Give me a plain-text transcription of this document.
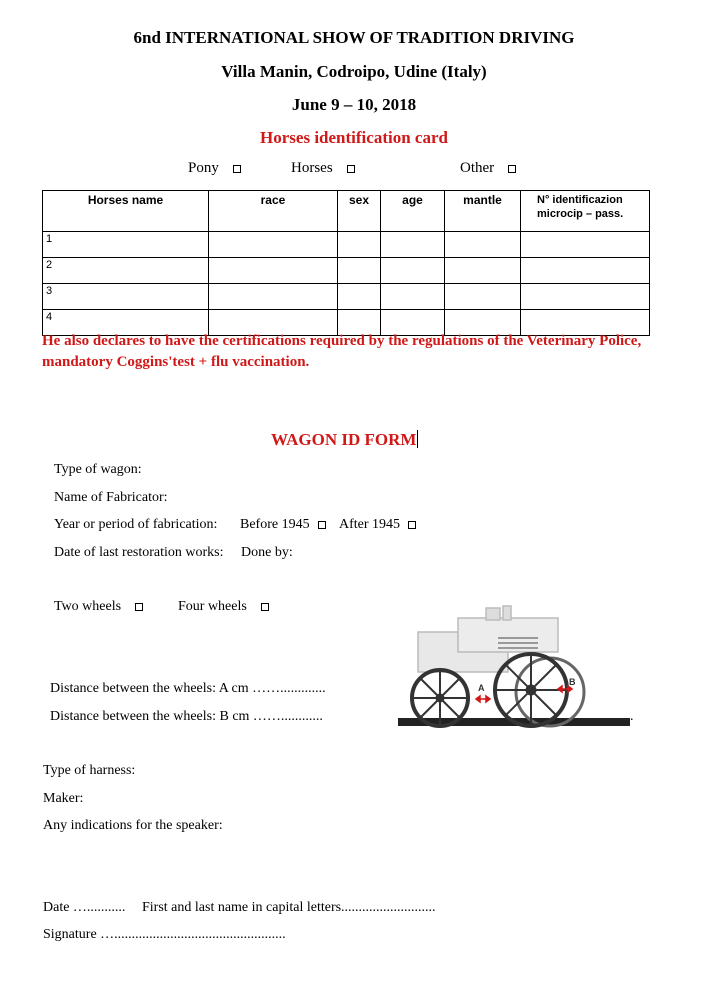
6nd INTERNATIONAL SHOW OF TRADITION DRIVING
Villa Manin, Codroipo, Udine (Italy)
June 9 – 10, 2018
Horses identification card
Pony	Horses	Other
Horses name	race	sex	age	mantle	N° identificazion
microcip – pass.
1					
2					
3					
4					
He also declares to have the certifications required by the regulations of the Veterinary Police, mandatory Coggins'test + flu vaccination.
WAGON ID FORM
Type of wagon:
Name of Fabricator:
Year or period of fabrication: Before 1945	After 1945
Date of last restoration works: Done by:
Two wheels	Four wheels
Distance between the wheels: A cm …….............
Distance between the wheels: B cm ……............
A
B
.
Type of harness:
Maker:
Any indications for the speaker:
Date …........... First and last name in capital letters...........................
Signature ….................................................
